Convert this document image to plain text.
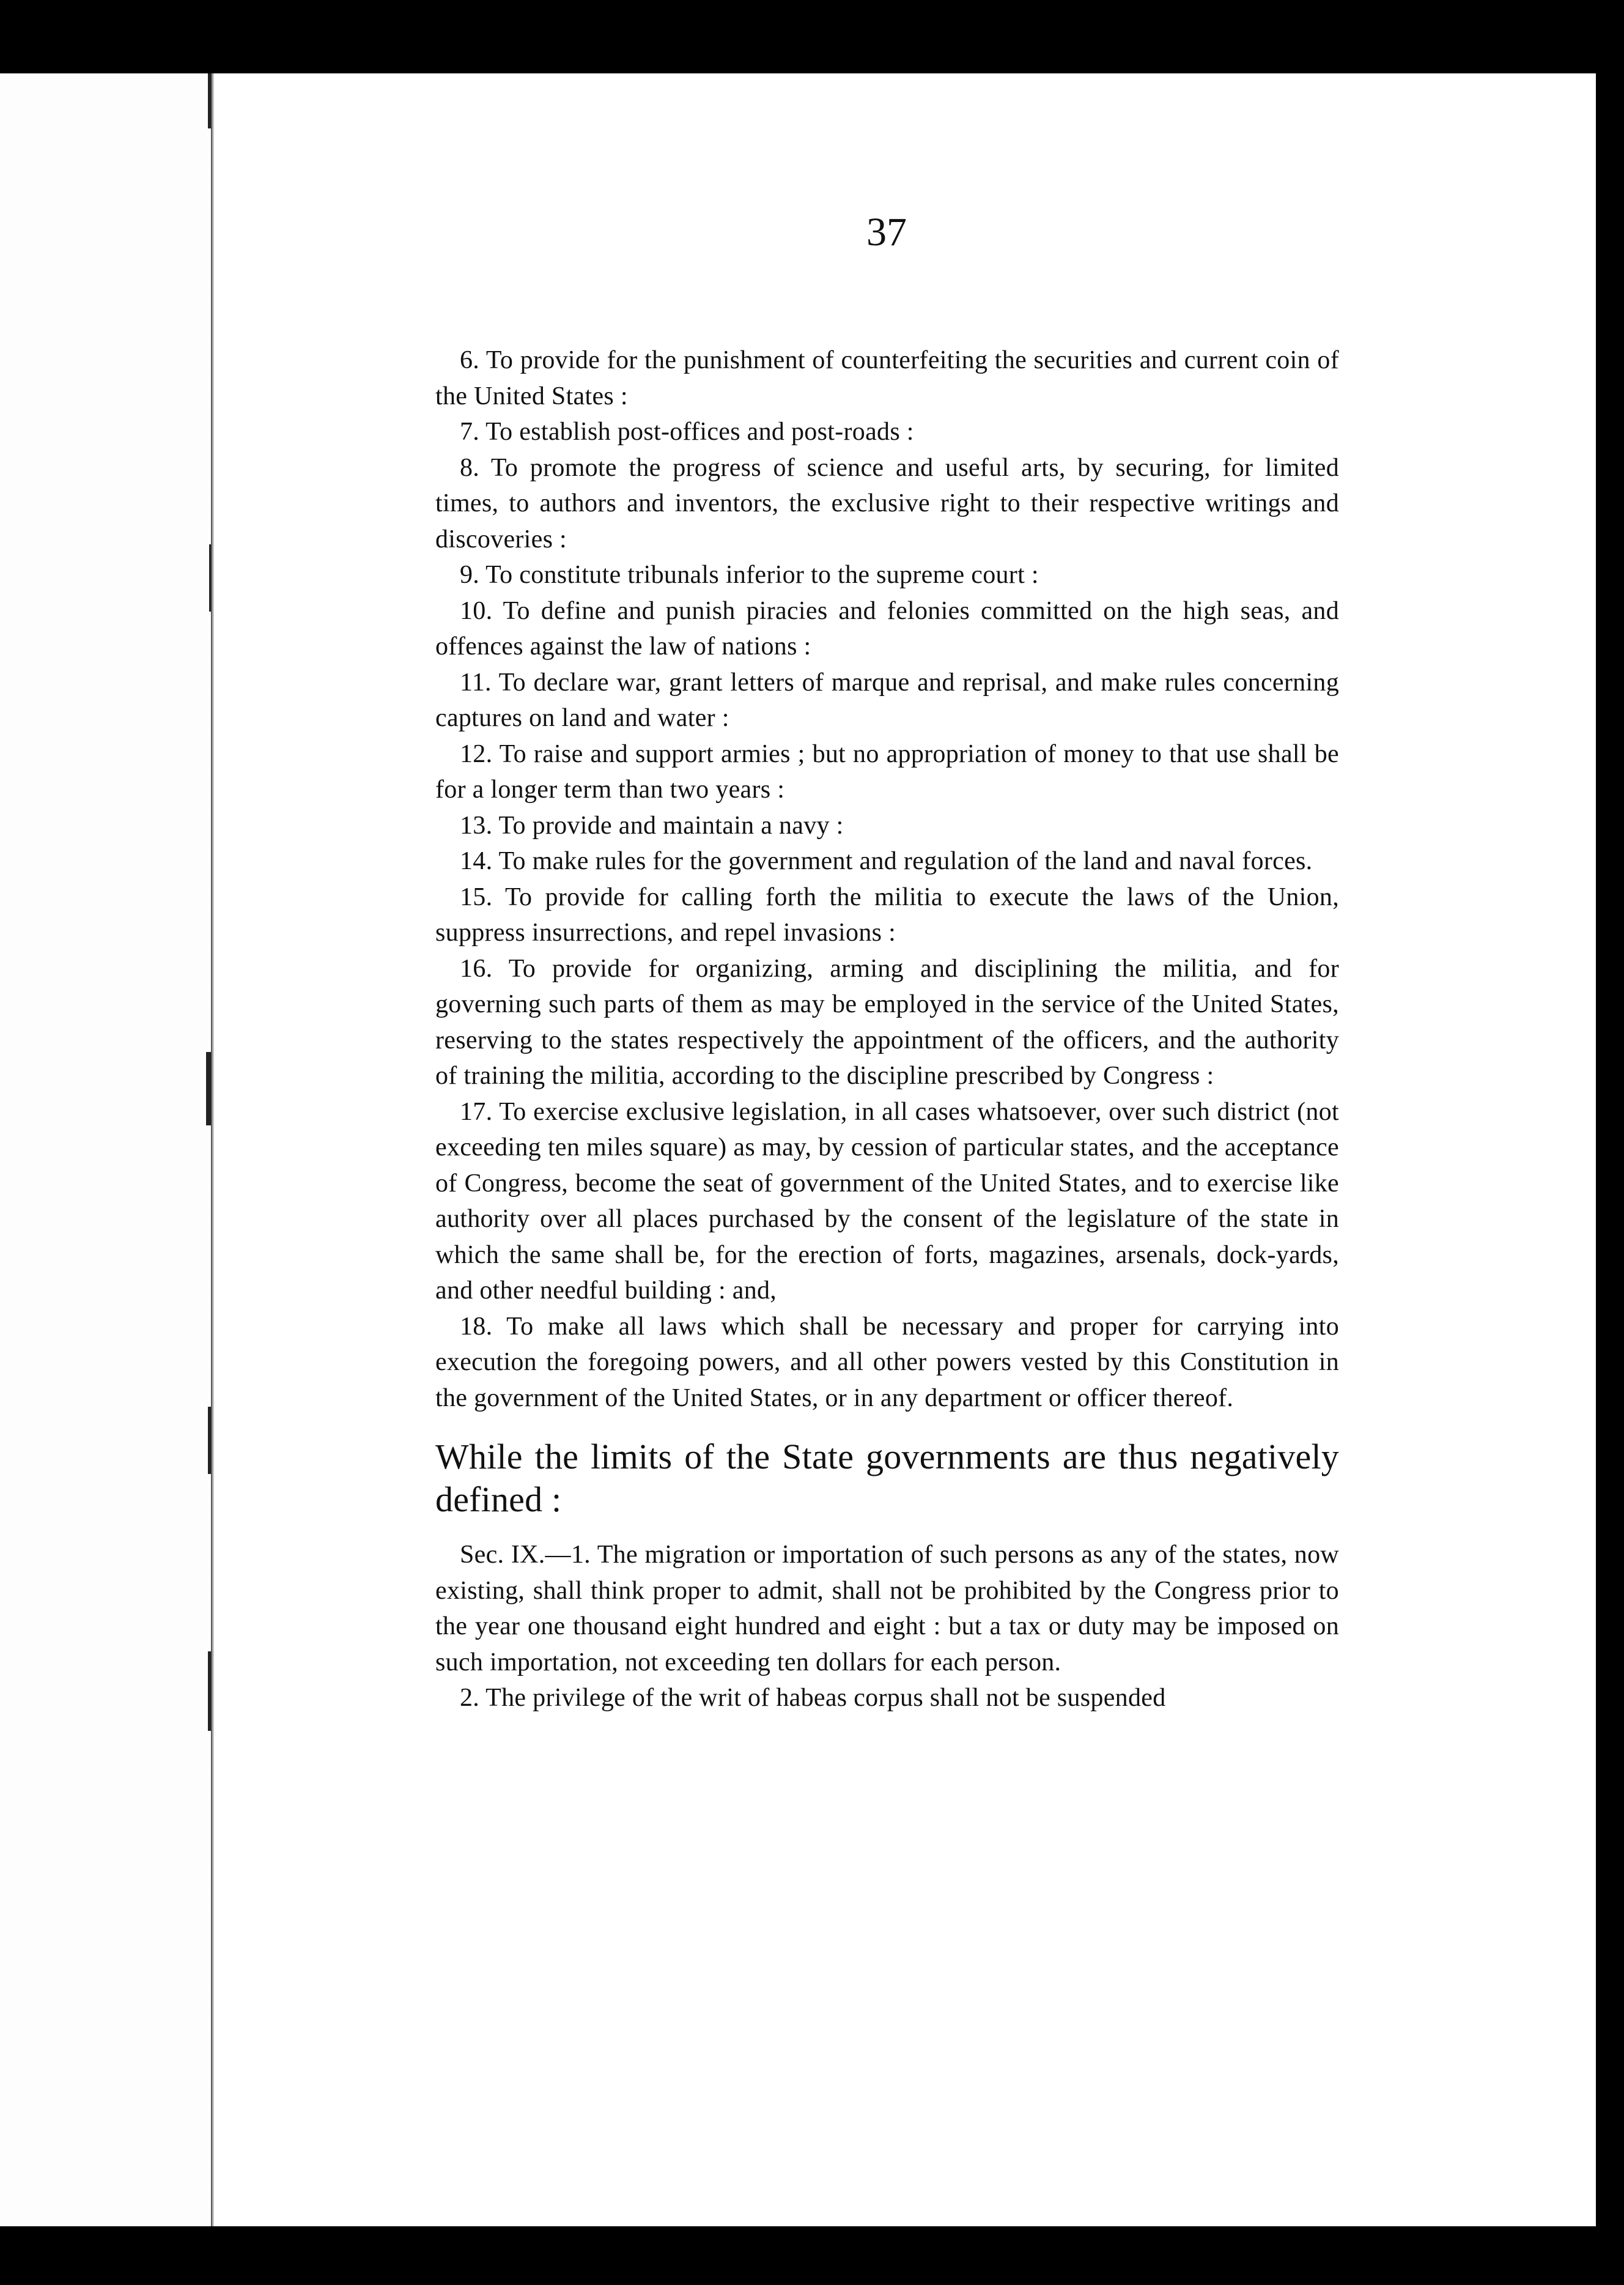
37

6. To provide for the punishment of counterfeiting the securities and current coin of the United States :

7. To establish post-offices and post-roads :

8. To promote the progress of science and useful arts, by securing, for limited times, to authors and inventors, the exclusive right to their respective writings and discoveries :

9. To constitute tribunals inferior to the supreme court :

10. To define and punish piracies and felonies committed on the high seas, and offences against the law of nations :

11. To declare war, grant letters of marque and reprisal, and make rules concerning captures on land and water :

12. To raise and support armies ; but no appropriation of money to that use shall be for a longer term than two years :

13. To provide and maintain a navy :

14. To make rules for the government and regulation of the land and naval forces.

15. To provide for calling forth the militia to execute the laws of the Union, suppress insurrections, and repel invasions :

16. To provide for organizing, arming and disciplining the militia, and for governing such parts of them as may be employed in the service of the United States, reserving to the states respectively the appointment of the officers, and the authority of training the militia, according to the discipline prescribed by Congress :

17. To exercise exclusive legislation, in all cases whatsoever, over such district (not exceeding ten miles square) as may, by cession of particular states, and the acceptance of Congress, become the seat of government of the United States, and to exercise like authority over all places purchased by the consent of the legislature of the state in which the same shall be, for the erection of forts, magazines, arsenals, dock-yards, and other needful building : and,

18. To make all laws which shall be necessary and proper for carrying into execution the foregoing powers, and all other powers vested by this Constitution in the government of the United States, or in any department or officer thereof.

While the limits of the State governments are thus negatively defined :

Sec. IX.—1. The migration or importation of such persons as any of the states, now existing, shall think proper to admit, shall not be prohibited by the Congress prior to the year one thousand eight hundred and eight : but a tax or duty may be imposed on such importation, not exceeding ten dollars for each person.

2. The privilege of the writ of habeas corpus shall not be suspended
